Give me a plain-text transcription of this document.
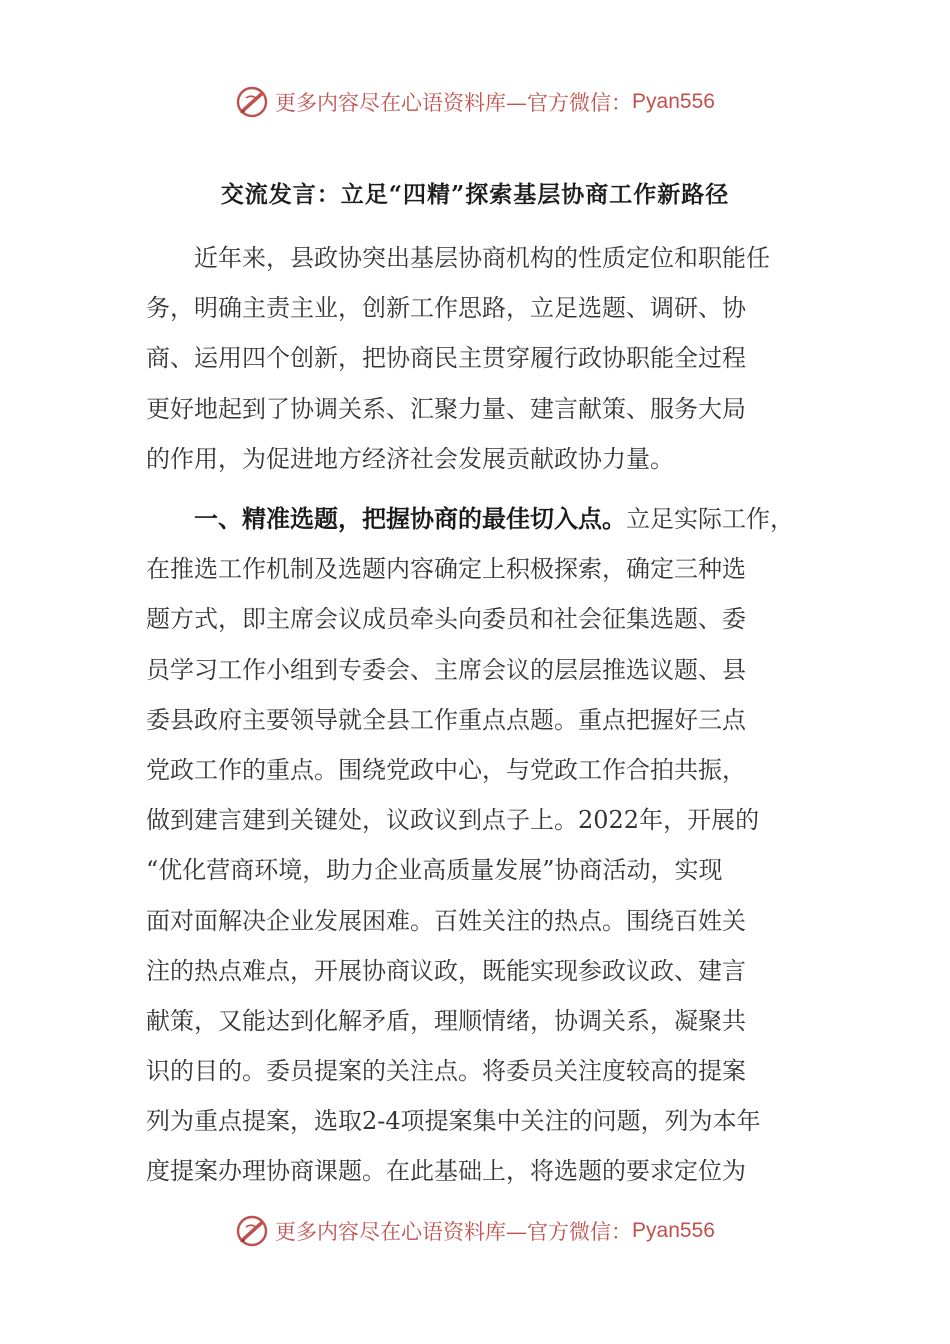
更多内容尽在心语资料库—官方微信： Pyan556
交流发言：立足“四精”探索基层协商工作新路径
　　近年来，县政协突出基层协商机构的性质定位和职能任
务，明确主责主业，创新工作思路，立足选题、调研、协
商、运用四个创新，把协商民主贯穿履行政协职能全过程
更好地起到了协调关系、汇聚力量、建言献策、服务大局
的作用，为促进地方经济社会发展贡献政协力量。
　　一、精准选题，把握协商的最佳切入点。立足实际工作，
在推选工作机制及选题内容确定上积极探索，确定三种选
题方式，即主席会议成员牵头向委员和社会征集选题、委
员学习工作小组到专委会、主席会议的层层推选议题、县
委县政府主要领导就全县工作重点点题。重点把握好三点
党政工作的重点。围绕党政中心，与党政工作合拍共振，
做到建言建到关键处，议政议到点子上。2022年，开展的
“优化营商环境，助力企业高质量发展”协商活动，实现
面对面解决企业发展困难。百姓关注的热点。围绕百姓关
注的热点难点，开展协商议政，既能实现参政议政、建言
献策，又能达到化解矛盾，理顺情绪，协调关系，凝聚共
识的目的。委员提案的关注点。将委员关注度较高的提案
列为重点提案，选取2-4项提案集中关注的问题，列为本年
度提案办理协商课题。在此基础上，将选题的要求定位为
更多内容尽在心语资料库—官方微信： Pyan556
